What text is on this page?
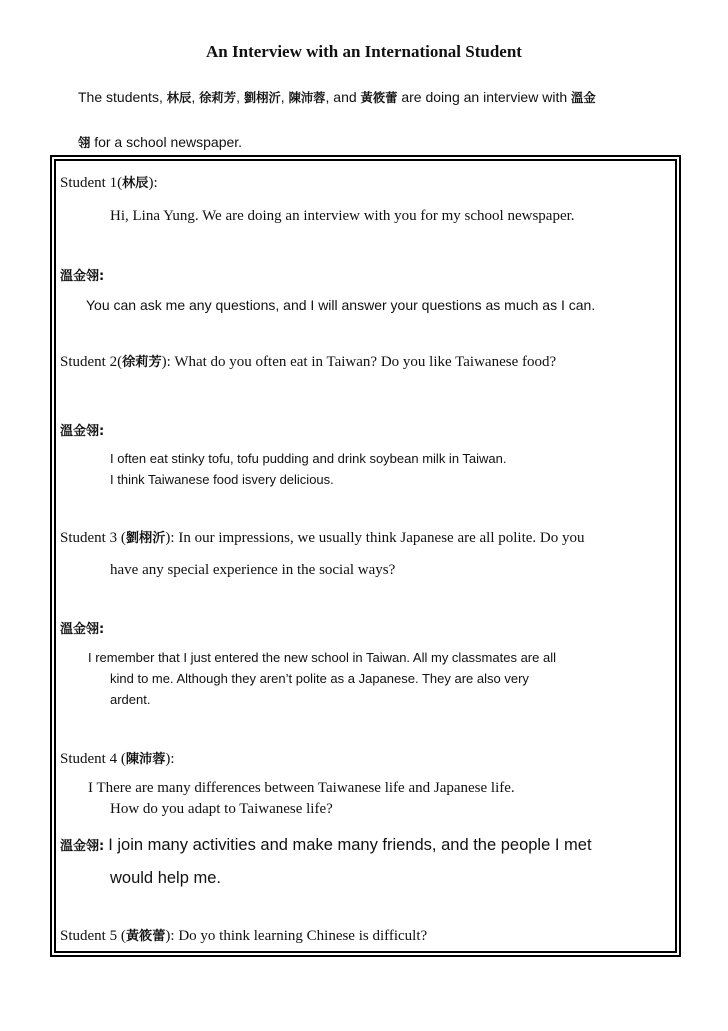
An Interview with an International Student
The students, 林辰, 徐莉芳, 劉栩沂, 陳沛蓉, and 黃筱蕾 are doing an interview with 溫金
翎 for a school newspaper.
Student 1(林辰):
Hi, Lina Yung. We are doing an interview with you for my school newspaper.
溫金翎:
You can ask me any questions, and I will answer your questions as much as I can.
Student 2(徐莉芳): What do you often eat in Taiwan? Do you like Taiwanese food?
溫金翎:
I often eat stinky tofu, tofu pudding and drink soybean milk in Taiwan.
I think Taiwanese food isvery delicious.
Student 3 (劉栩沂): In our impressions, we usually think Japanese are all polite. Do you
have any special experience in the social ways?
溫金翎:
I remember that I just entered the new school in Taiwan. All my classmates are all
kind to me. Although they aren’t polite as a Japanese. They are also very
ardent.
Student 4 (陳沛蓉):
I There are many differences between Taiwanese life and Japanese life.
How do you adapt to Taiwanese life?
溫金翎: I join many activities and make many friends, and the people I met
would help me.
Student 5 (黃筱蕾): Do yo think learning Chinese is difficult?
